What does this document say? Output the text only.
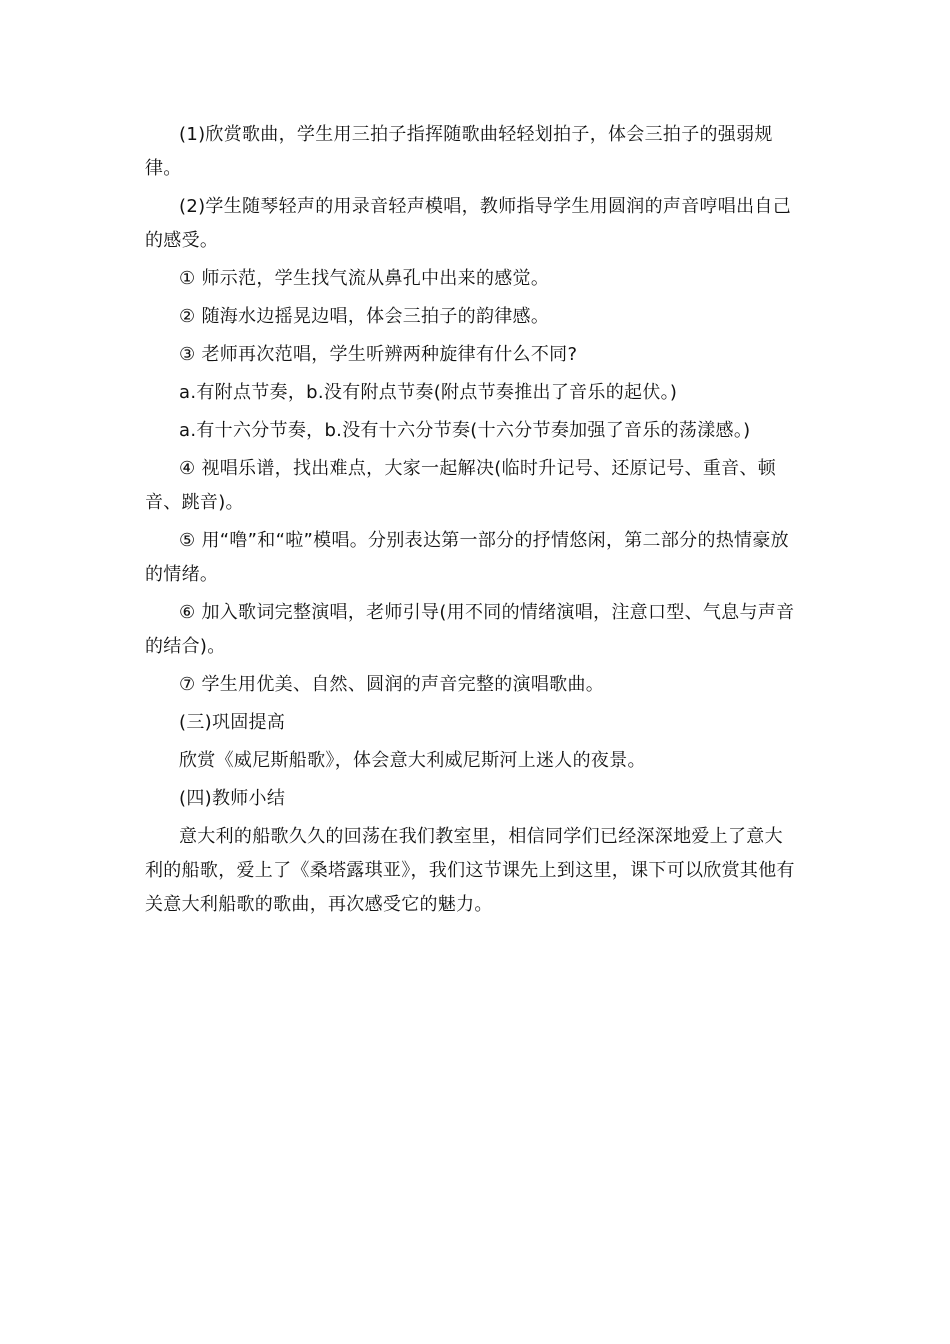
(1)欣赏歌曲，学生用三拍子指挥随歌曲轻轻划拍子，体会三拍子的强弱规律。

(2)学生随琴轻声的用录音轻声模唱，教师指导学生用圆润的声音哼唱出自己的感受。

① 师示范，学生找气流从鼻孔中出来的感觉。

② 随海水边摇晃边唱，体会三拍子的韵律感。

③ 老师再次范唱，学生听辨两种旋律有什么不同?

a.有附点节奏，b.没有附点节奏(附点节奏推出了音乐的起伏。)

a.有十六分节奏，b.没有十六分节奏(十六分节奏加强了音乐的荡漾感。)

④ 视唱乐谱，找出难点，大家一起解决(临时升记号、还原记号、重音、顿音、跳音)。

⑤ 用“噜”和“啦”模唱。分别表达第一部分的抒情悠闲，第二部分的热情豪放的情绪。

⑥ 加入歌词完整演唱，老师引导(用不同的情绪演唱，注意口型、气息与声音的结合)。

⑦ 学生用优美、自然、圆润的声音完整的演唱歌曲。

(三)巩固提高

欣赏《威尼斯船歌》，体会意大利威尼斯河上迷人的夜景。

(四)教师小结

意大利的船歌久久的回荡在我们教室里，相信同学们已经深深地爱上了意大利的船歌，爱上了《桑塔露琪亚》，我们这节课先上到这里，课下可以欣赏其他有关意大利船歌的歌曲，再次感受它的魅力。
